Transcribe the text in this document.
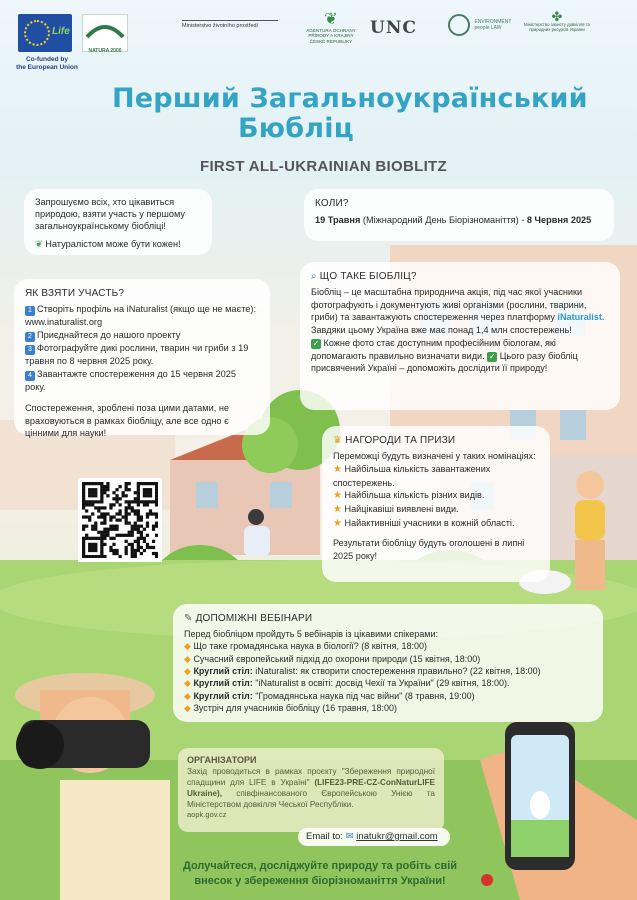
Life
Co-funded by
the European Union
NATURA 2000
Ministerstvo životního prostředí	❦
AGENTURA OCHRANY PŘÍRODY A KRAJINY ČESKÉ REPUBLIKY
UNC	ENVIRONMENT people LAW
✤
Міністерство захисту довкілля та природних ресурсів України
Перший Загальноукраїнський
Бюбліц
FIRST ALL-UKRAINIAN BIOBLITZ
Запрошуємо всіх, хто цікавиться природою, взяти участь у першому загальноукраїнському біобліці!
❦ Натуралістом може бути кожен!
КОЛИ?
19 Травня (Міжнародний День Біорізноманіття) - 8 Червня 2025
ЯК ВЗЯТИ УЧАСТЬ?
1 Створіть профіль на iNaturalist (якщо ще не маєте): www.inaturalist.org
2 Приєднайтеся до нашого проекту
3 Фотографуйте дикі рослини, тварин чи гриби з 19 травня по 8 червня 2025 року.
4 Завантажте спостереження до 15 червня 2025 року.
Спостереження, зроблені поза цими датами, не враховуються в рамках біобліцу, але все одно є цінними для науки!
⌕ ЩО ТАКЕ БІОБЛІЦ?
Біобліц – це масштабна природнича акція, під час якої учасники фотографують і документують живі організми (рослини, тварини, гриби) та завантажують спостереження через платформу iNaturalist. Завдяки цьому Україна вже має понад 1,4 млн спостережень!
✓ Кожне фото стає доступним професійним біологам, які допомагають правильно визначати види. ✓ Цього разу біобліц присвячений Україні – допоможіть дослідити її природу!
♛ НАГОРОДИ ТА ПРИЗИ
Переможці будуть визначені у таких номінаціях:
★ Найбільша кількість завантажених спостережень.
★ Найбільша кількість різних видів.
★ Найцікавіші виявлені види.
★ Найактивніші учасники в кожній області.
Результати біобліцу будуть оголошені в липні 2025 року!
✎ ДОПОМІЖНІ ВЕБІНАРИ
Перед біобліцом пройдуть 5 вебінарів із цікавими спікерами:
◆ Що таке громадянська наука в біології? (8 квітня, 18:00)
◆ Сучасний європейський підхід до охорони природи (15 квітня, 18:00)
◆ Круглий стіл: iNaturalist: як створити спостереження правильно? (22 квітня, 18:00)
◆ Круглий стіл: "iNaturalist в освіті: досвід Чехії та України" (29 квітня, 18:00).
◆ Круглий стіл: "Громадянська наука під час війни" (8 травня, 19:00)
◆ Зустріч для учасників біобліцу (16 травня, 18:00)
ОРГАНІЗАТОРИ
Захід проводиться в рамках проєкту "Збереження природної спадщини для LIFE в Україні" (LIFE23-PRE-CZ-ConNaturLIFE Ukraine), співфінансованого Європейською Унією та Міністерством довкілля Чеської Республіки.
aopk.gov.cz
Email to: ✉ inatukr@gmail.com
Долучайтеся, досліджуйте природу та робіть свій
внесок у збереження біорізноманіття України!
